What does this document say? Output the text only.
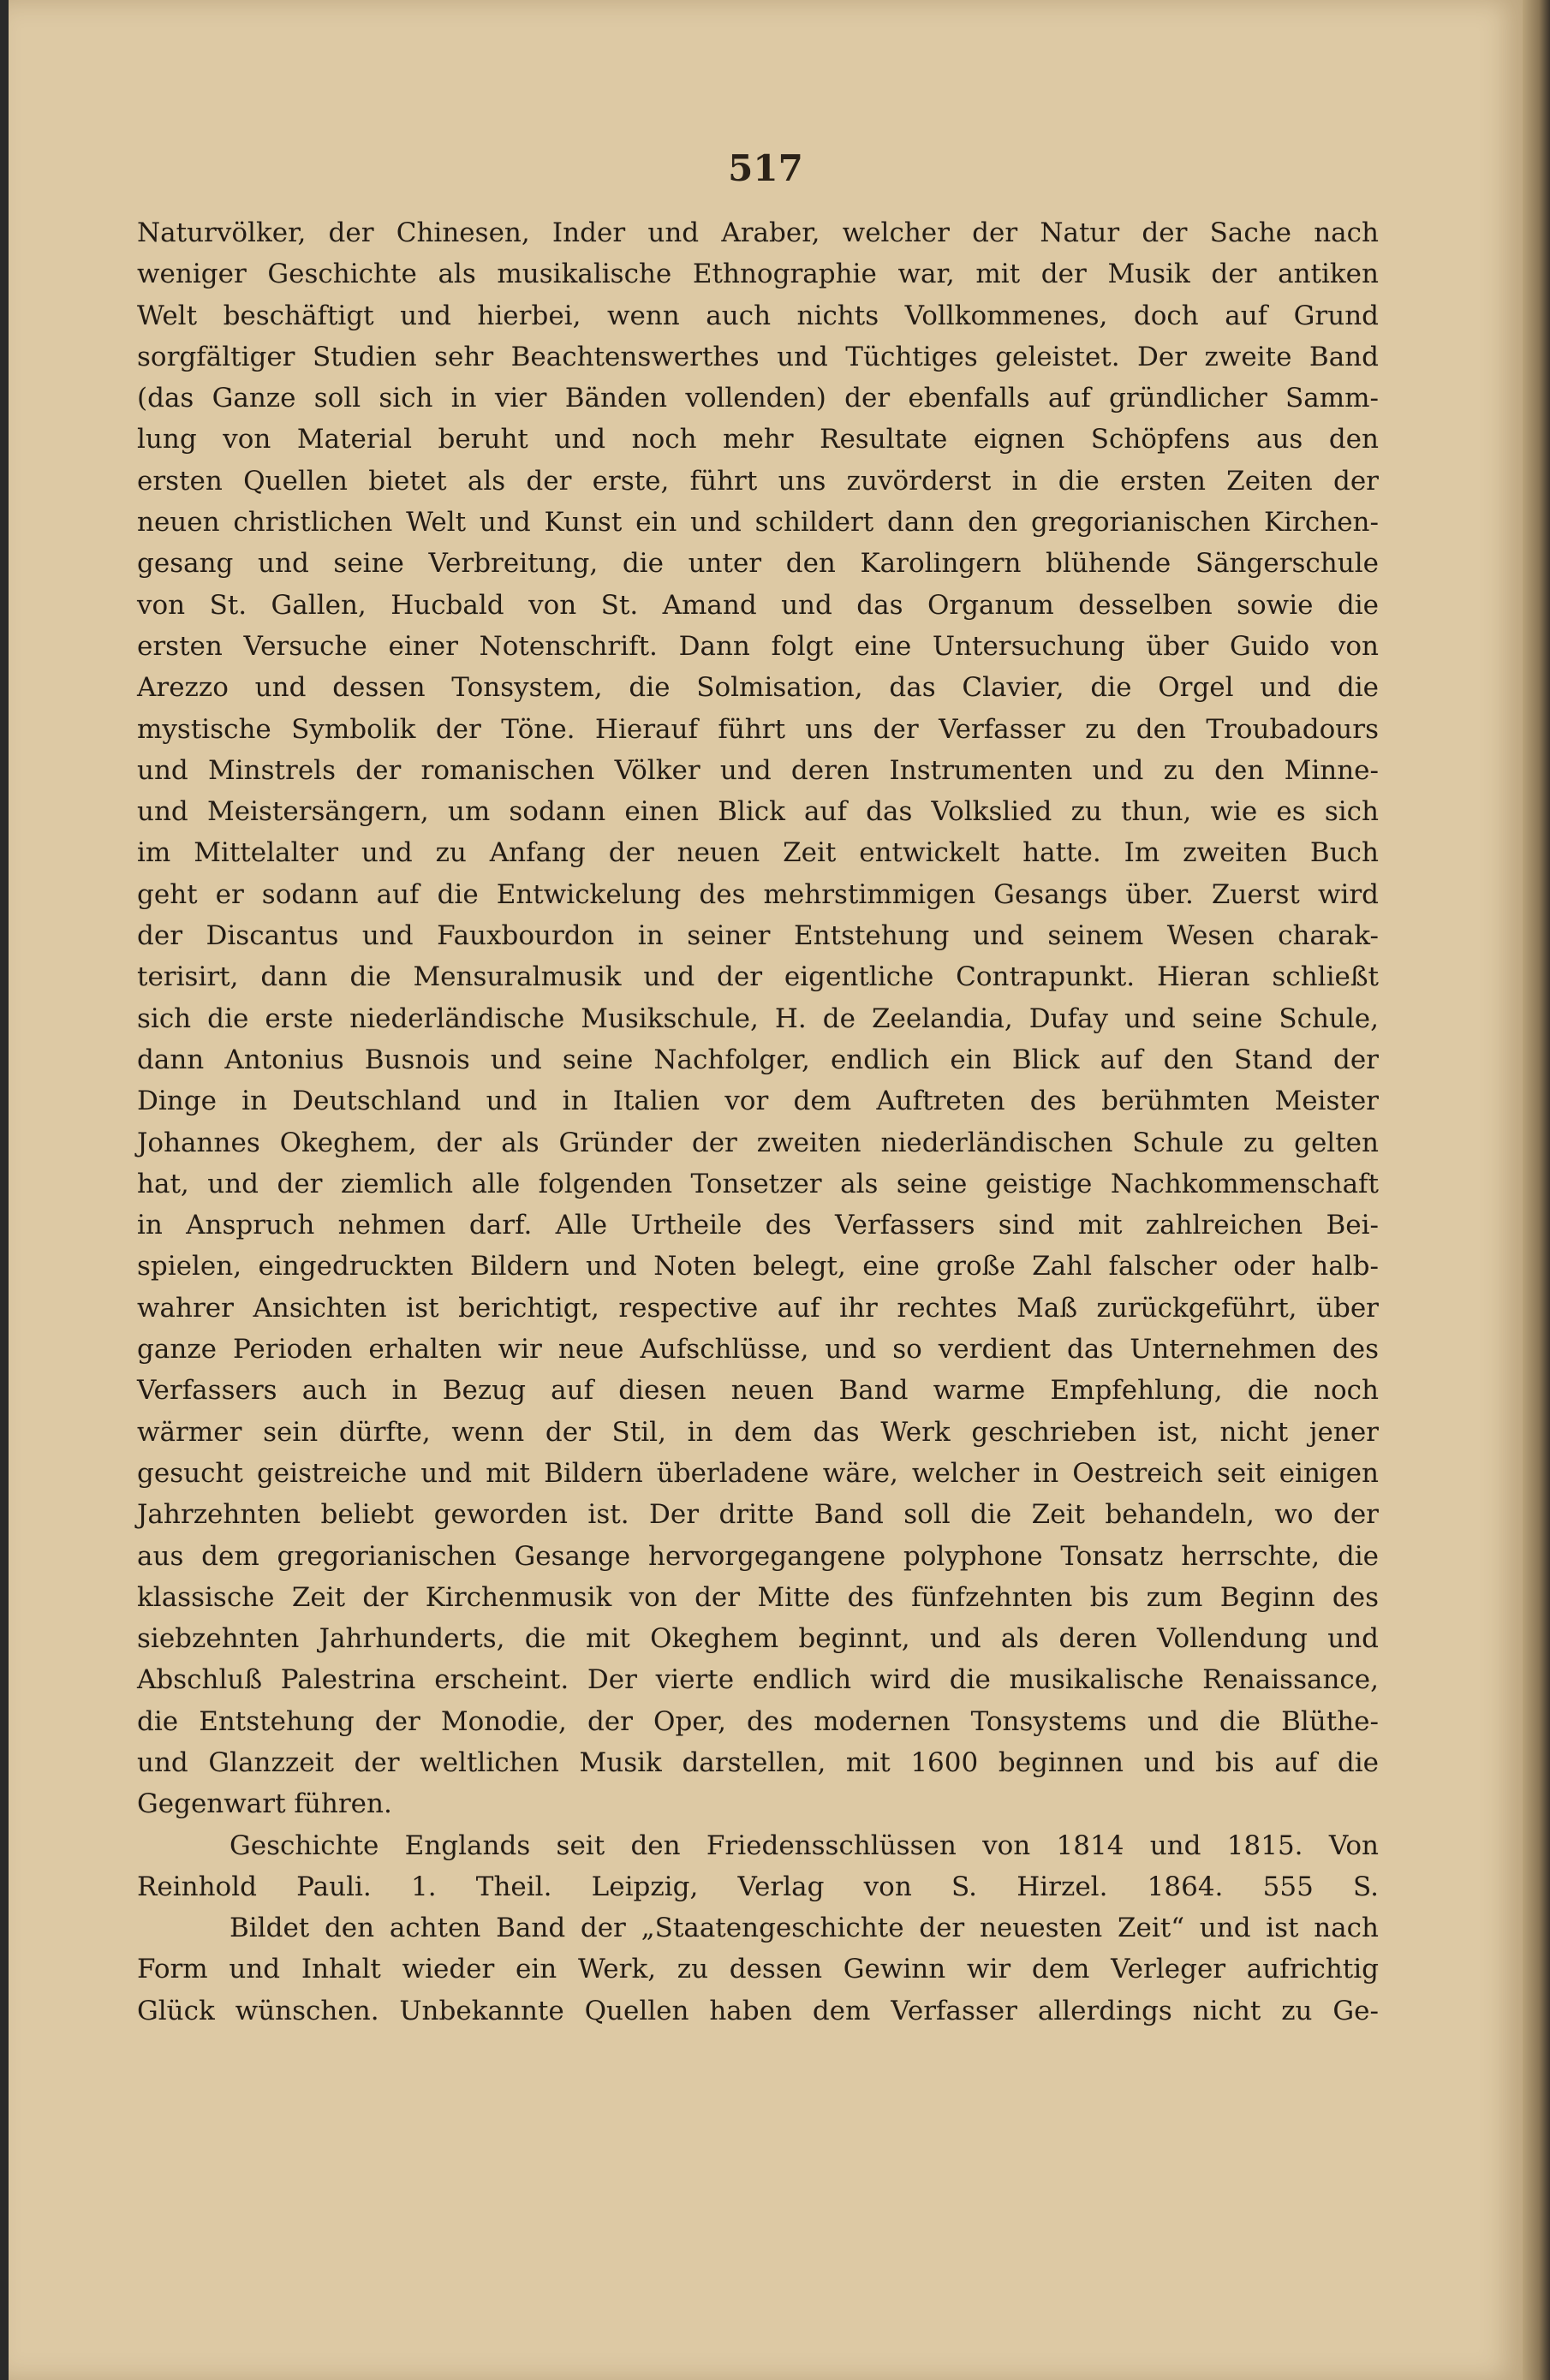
517
Naturvölker, der Chinesen, Inder und Araber, welcher der Natur der Sache nach
weniger Geschichte als musikalische Ethnographie war, mit der Musik der antiken
Welt beschäftigt und hierbei, wenn auch nichts Vollkommenes, doch auf Grund
sorgfältiger Studien sehr Beachtenswerthes und Tüchtiges geleistet. Der zweite Band
(das Ganze soll sich in vier Bänden vollenden) der ebenfalls auf gründlicher Samm-
lung von Material beruht und noch mehr Resultate eignen Schöpfens aus den
ersten Quellen bietet als der erste, führt uns zuvörderst in die ersten Zeiten der
neuen christlichen Welt und Kunst ein und schildert dann den gregorianischen Kirchen-
gesang und seine Verbreitung, die unter den Karolingern blühende Sängerschule
von St. Gallen, Hucbald von St. Amand und das Organum desselben sowie die
ersten Versuche einer Notenschrift. Dann folgt eine Untersuchung über Guido von
Arezzo und dessen Tonsystem, die Solmisation, das Clavier, die Orgel und die
mystische Symbolik der Töne. Hierauf führt uns der Verfasser zu den Troubadours
und Minstrels der romanischen Völker und deren Instrumenten und zu den Minne-
und Meistersängern, um sodann einen Blick auf das Volkslied zu thun, wie es sich
im Mittelalter und zu Anfang der neuen Zeit entwickelt hatte. Im zweiten Buch
geht er sodann auf die Entwickelung des mehrstimmigen Gesangs über. Zuerst wird
der Discantus und Fauxbourdon in seiner Entstehung und seinem Wesen charak-
terisirt, dann die Mensuralmusik und der eigentliche Contrapunkt. Hieran schließt
sich die erste niederländische Musikschule, H. de Zeelandia, Dufay und seine Schule,
dann Antonius Busnois und seine Nachfolger, endlich ein Blick auf den Stand der
Dinge in Deutschland und in Italien vor dem Auftreten des berühmten Meister
Johannes Okeghem, der als Gründer der zweiten niederländischen Schule zu gelten
hat, und der ziemlich alle folgenden Tonsetzer als seine geistige Nachkommenschaft
in Anspruch nehmen darf. Alle Urtheile des Verfassers sind mit zahlreichen Bei-
spielen, eingedruckten Bildern und Noten belegt, eine große Zahl falscher oder halb-
wahrer Ansichten ist berichtigt, respective auf ihr rechtes Maß zurückgeführt, über
ganze Perioden erhalten wir neue Aufschlüsse, und so verdient das Unternehmen des
Verfassers auch in Bezug auf diesen neuen Band warme Empfehlung, die noch
wärmer sein dürfte, wenn der Stil, in dem das Werk geschrieben ist, nicht jener
gesucht geistreiche und mit Bildern überladene wäre, welcher in Oestreich seit einigen
Jahrzehnten beliebt geworden ist. Der dritte Band soll die Zeit behandeln, wo der
aus dem gregorianischen Gesange hervorgegangene polyphone Tonsatz herrschte, die
klassische Zeit der Kirchenmusik von der Mitte des fünfzehnten bis zum Beginn des
siebzehnten Jahrhunderts, die mit Okeghem beginnt, und als deren Vollendung und
Abschluß Palestrina erscheint. Der vierte endlich wird die musikalische Renaissance,
die Entstehung der Monodie, der Oper, des modernen Tonsystems und die Blüthe-
und Glanzzeit der weltlichen Musik darstellen, mit 1600 beginnen und bis auf die
Gegenwart führen.
Geschichte Englands seit den Friedensschlüssen von 1814 und 1815. Von
Reinhold Pauli. 1. Theil. Leipzig, Verlag von S. Hirzel. 1864. 555 S.
Bildet den achten Band der „Staatengeschichte der neuesten Zeit“ und ist nach
Form und Inhalt wieder ein Werk, zu dessen Gewinn wir dem Verleger aufrichtig
Glück wünschen. Unbekannte Quellen haben dem Verfasser allerdings nicht zu Ge-
